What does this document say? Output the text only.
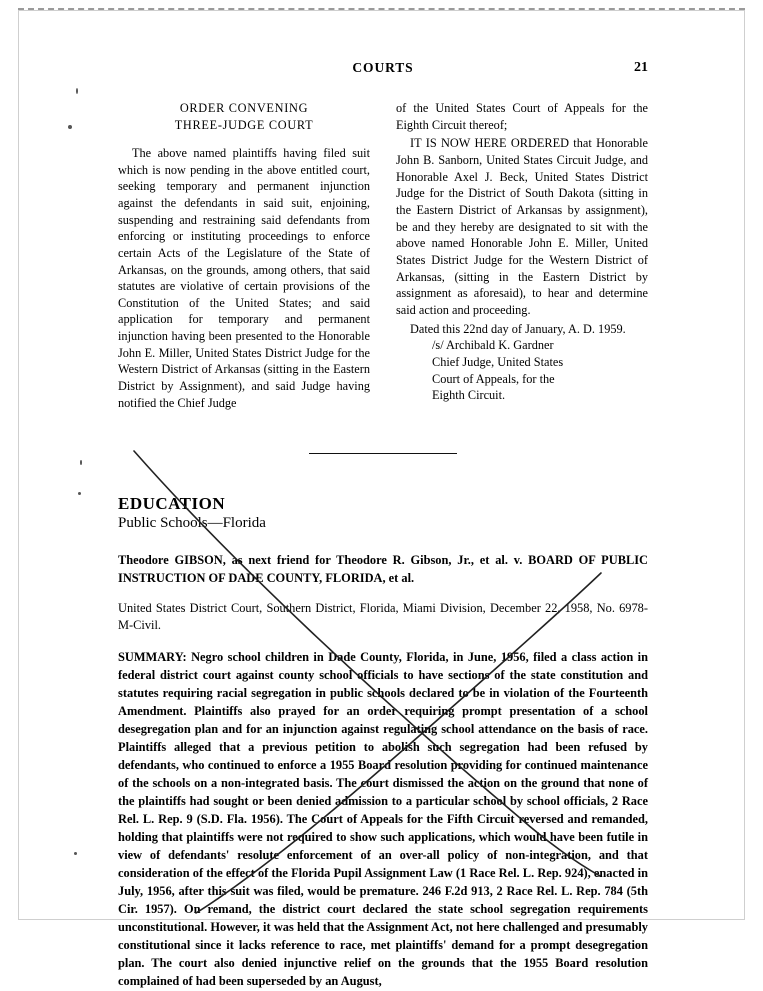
COURTS	21
ORDER CONVENING
THREE-JUDGE COURT

The above named plaintiffs having filed suit which is now pending in the above entitled court, seeking temporary and permanent injunction against the defendants in said suit, enjoining, suspending and restraining said defendants from enforcing or instituting proceedings to enforce certain Acts of the Legislature of the State of Arkansas, on the grounds, among others, that said statutes are violative of certain provisions of the Constitution of the United States; and said application for temporary and permanent injunction having been presented to the Honorable John E. Miller, United States District Judge for the Western District of Arkansas (sitting in the Eastern District by Assignment), and said Judge having notified the Chief Judge

of the United States Court of Appeals for the Eighth Circuit thereof;

IT IS NOW HERE ORDERED that Honorable John B. Sanborn, United States Circuit Judge, and Honorable Axel J. Beck, United States District Judge for the District of South Dakota (sitting in the Eastern District of Arkansas by assignment), be and they hereby are designated to sit with the above named Honorable John E. Miller, United States District Judge for the Western District of Arkansas, (sitting in the Eastern District by assignment as aforesaid), to hear and determine said action and proceeding.

Dated this 22nd day of January, A. D. 1959.
/s/ Archibald K. Gardner
Chief Judge, United States
Court of Appeals, for the
Eighth Circuit.
EDUCATION
Public Schools—Florida

Theodore GIBSON, as next friend for Theodore R. Gibson, Jr., et al. v. BOARD OF PUBLIC INSTRUCTION OF DADE COUNTY, FLORIDA, et al.

United States District Court, Southern District, Florida, Miami Division, December 22, 1958, No. 6978-M-Civil.

SUMMARY: Negro school children in Dade County, Florida, in June, 1956, filed a class action in federal district court against county school officials to have sections of the state constitution and statutes requiring racial segregation in public schools declared to be in violation of the Fourteenth Amendment. Plaintiffs also prayed for an order requiring prompt presentation of a school desegregation plan and for an injunction against regulating school attendance on the basis of race. Plaintiffs alleged that a previous petition to abolish such segregation had been refused by defendants, who continued to enforce a 1955 Board resolution providing for continued maintenance of the schools on a non-integrated basis. The court dismissed the action on the ground that none of the plaintiffs had sought or been denied admission to a particular school by school officials, 2 Race Rel. L. Rep. 9 (S.D. Fla. 1956). The Court of Appeals for the Fifth Circuit reversed and remanded, holding that plaintiffs were not required to show such applications, which would have been futile in view of defendants' resolute enforcement of an over-all policy of non-integration, and that consideration of the effect of the Florida Pupil Assignment Law (1 Race Rel. L. Rep. 924), enacted in July, 1956, after this suit was filed, would be premature. 246 F.2d 913, 2 Race Rel. L. Rep. 784 (5th Cir. 1957). On remand, the district court declared the state school segregation requirements unconstitutional. However, it was held that the Assignment Act, not here challenged and presumably constitutional since it lacks reference to race, met plaintiffs' demand for a prompt desegregation plan. The court also denied injunctive relief on the grounds that the 1955 Board resolution complained of had been superseded by an August,
